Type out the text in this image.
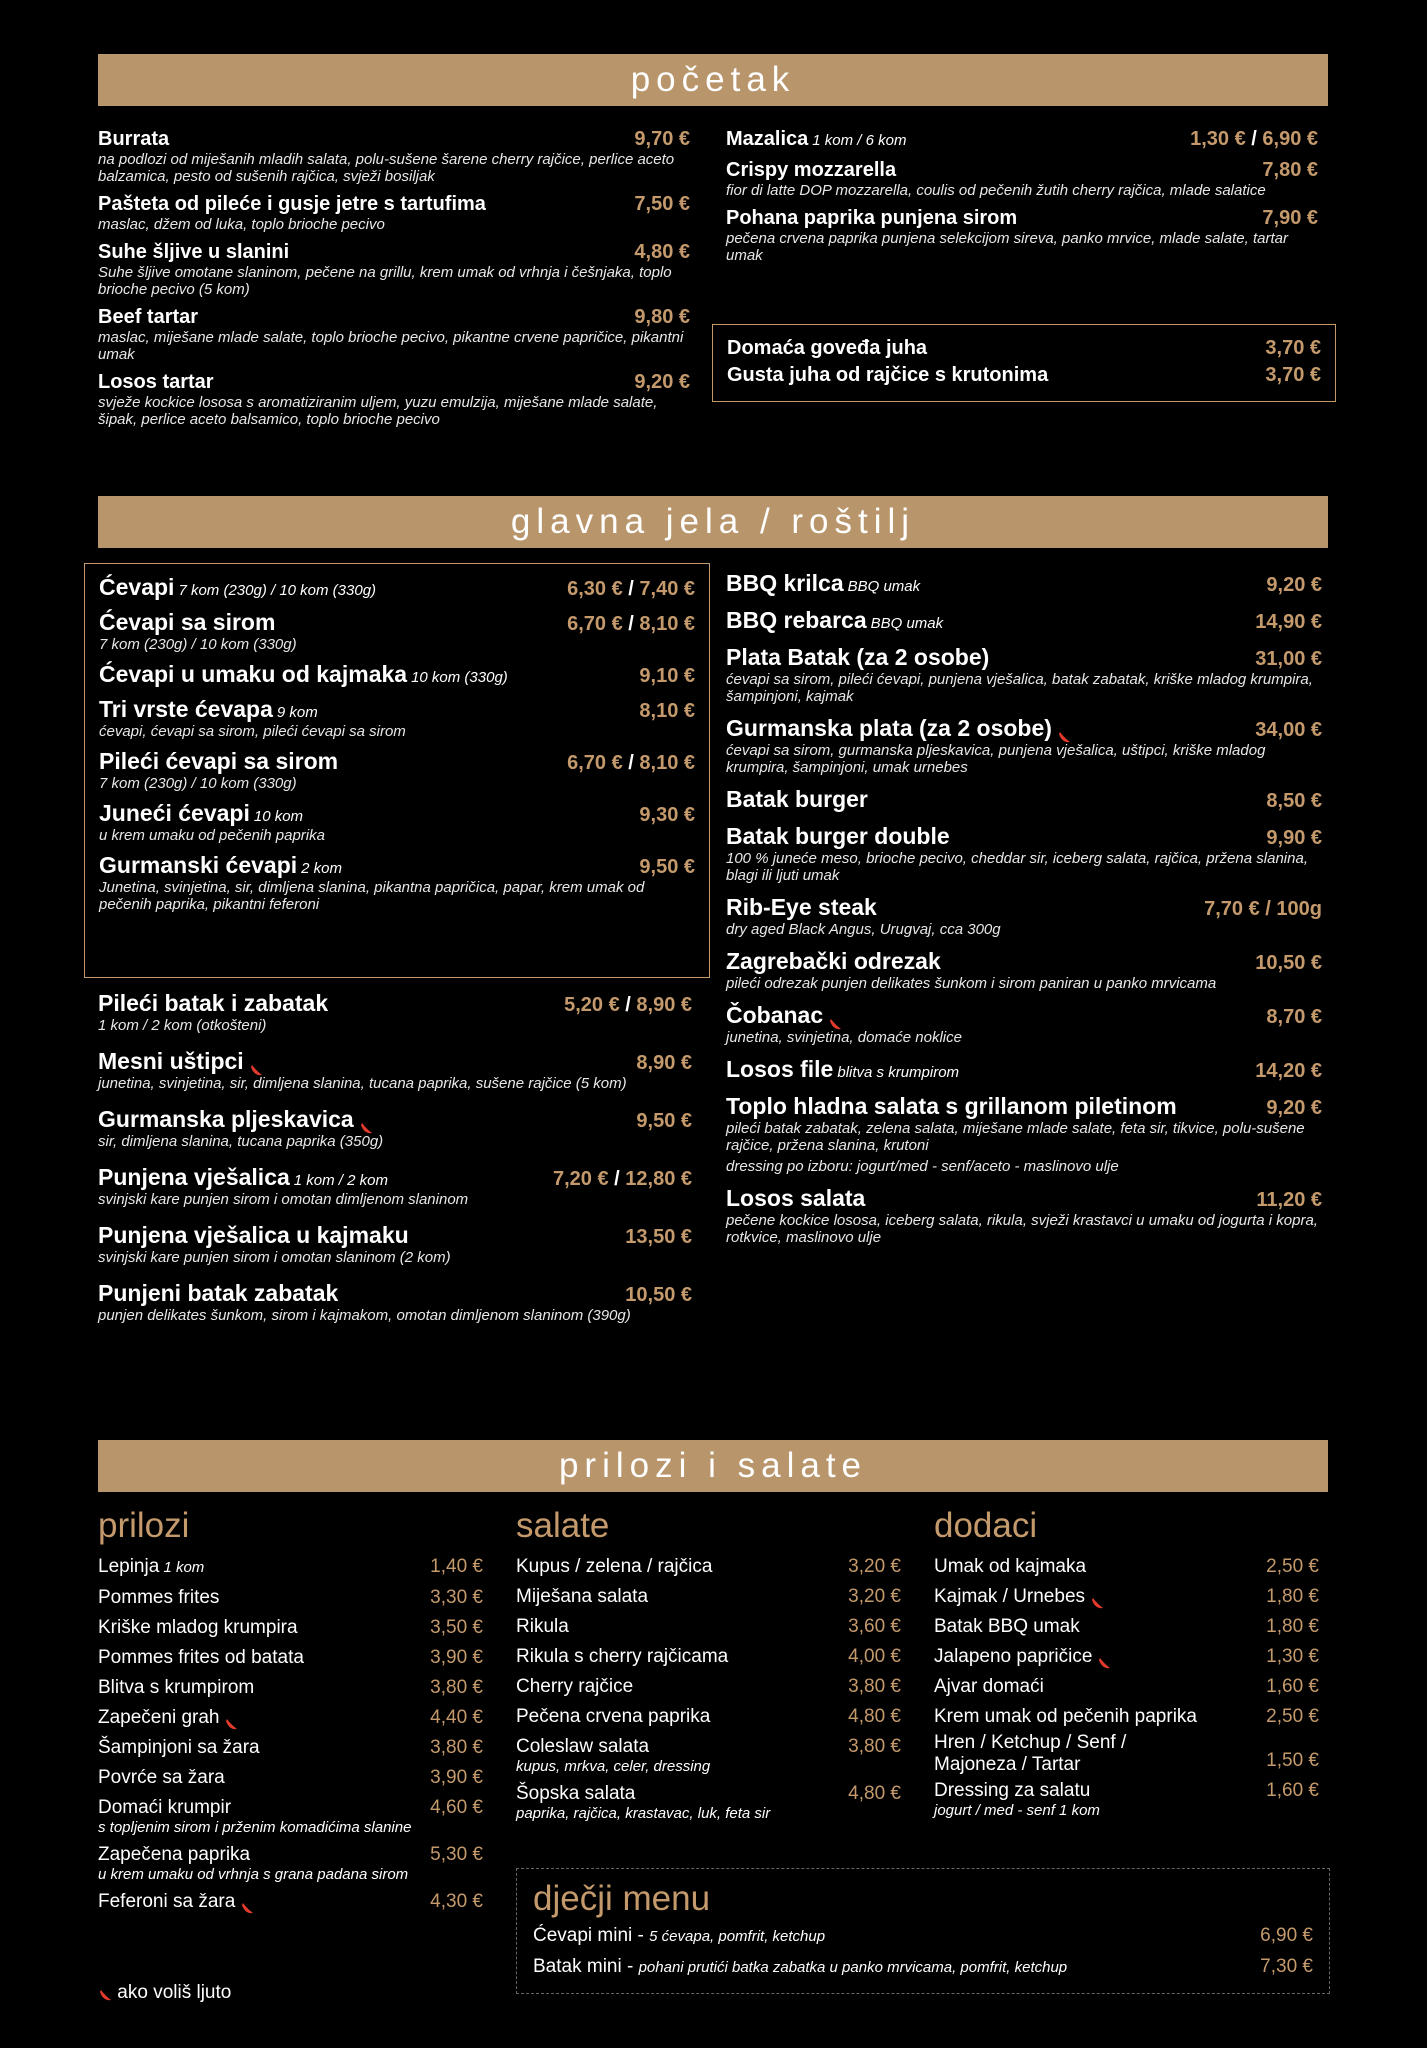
početak
glavna jela / roštilj
prilozi i salate
Burrata	9,70 €
na podlozi od miješanih mladih salata, polu-sušene šarene cherry rajčice, perlice aceto balzamica, pesto od sušenih rajčica, svježi bosiljak
Pašteta od pileće i gusje jetre s tartufima	7,50 €
maslac, džem od luka, toplo brioche pecivo
Suhe šljive u slanini	4,80 €
Suhe šljive omotane slaninom, pečene na grillu, krem umak od vrhnja i češnjaka, toplo brioche pecivo (5 kom)
Beef tartar	9,80 €
maslac, miješane mlade salate, toplo brioche pecivo, pikantne crvene papričice, pikantni umak
Losos tartar	9,20 €
svježe kockice lososa s aromatiziranim uljem, yuzu emulzija, miješane mlade salate, šipak, perlice aceto balsamico, toplo brioche pecivo
Mazalica 1 kom / 6 kom	1,30 € / 6,90 €
Crispy mozzarella	7,80 €
fior di latte DOP mozzarella, coulis od pečenih žutih cherry rajčica, mlade salatice
Pohana paprika punjena sirom	7,90 €
pečena crvena paprika punjena selekcijom sireva, panko mrvice, mlade salate, tartar umak
Domaća goveđa juha	3,70 €
Gusta juha od rajčice s krutonima	3,70 €
Ćevapi 7 kom (230g) / 10 kom (330g)	6,30 € / 7,40 €
Ćevapi sa sirom	6,70 € / 8,10 €
7 kom (230g) / 10 kom (330g)
Ćevapi u umaku od kajmaka 10 kom (330g)	9,10 €
Tri vrste ćevapa 9 kom	8,10 €
ćevapi, ćevapi sa sirom, pileći ćevapi sa sirom
Pileći ćevapi sa sirom	6,70 € / 8,10 €
7 kom (230g) / 10 kom (330g)
Juneći ćevapi 10 kom	9,30 €
u krem umaku od pečenih paprika
Gurmanski ćevapi 2 kom	9,50 €
Junetina, svinjetina, sir, dimljena slanina, pikantna papričica, papar, krem umak od pečenih paprika, pikantni feferoni
Pileći batak i zabatak	5,20 € / 8,90 €
1 kom / 2 kom (otkošteni)
Mesni uštipci	8,90 €
junetina, svinjetina, sir, dimljena slanina, tucana paprika, sušene rajčice (5 kom)
Gurmanska pljeskavica	9,50 €
sir, dimljena slanina, tucana paprika (350g)
Punjena vješalica 1 kom / 2 kom	7,20 € / 12,80 €
svinjski kare punjen sirom i omotan dimljenom slaninom
Punjena vješalica u kajmaku	13,50 €
svinjski kare punjen sirom i omotan slaninom (2 kom)
Punjeni batak zabatak	10,50 €
punjen delikates šunkom, sirom i kajmakom, omotan dimljenom slaninom (390g)
BBQ krilca BBQ umak	9,20 €
BBQ rebarca BBQ umak	14,90 €
Plata Batak (za 2 osobe)	31,00 €
ćevapi sa sirom, pileći ćevapi, punjena vješalica, batak zabatak, kriške mladog krumpira, šampinjoni, kajmak
Gurmanska plata (za 2 osobe)	34,00 €
ćevapi sa sirom, gurmanska pljeskavica, punjena vješalica, uštipci, kriške mladog krumpira, šampinjoni, umak urnebes
Batak burger	8,50 €
Batak burger double	9,90 €
100 % juneće meso, brioche pecivo, cheddar sir, iceberg salata, rajčica, pržena slanina, blagi ili ljuti umak
Rib-Eye steak	7,70 € / 100g
dry aged Black Angus, Urugvaj, cca 300g
Zagrebački odrezak	10,50 €
pileći odrezak punjen delikates šunkom i sirom paniran u panko mrvicama
Čobanac	8,70 €
junetina, svinjetina, domaće noklice
Losos file blitva s krumpirom	14,20 €
Toplo hladna salata s grillanom piletinom	9,20 €
pileći batak zabatak, zelena salata, miješane mlade salate, feta sir, tikvice, polu-sušene rajčice, pržena slanina, krutoni
dressing po izboru: jogurt/med - senf/aceto - maslinovo ulje
Losos salata	11,20 €
pečene kockice lososa, iceberg salata, rikula, svježi krastavci u umaku od jogurta i kopra, rotkvice, maslinovo ulje
prilozi
Lepinja 1 kom	1,40 €
Pommes frites	3,30 €
Kriške mladog krumpira	3,50 €
Pommes frites od batata	3,90 €
Blitva s krumpirom	3,80 €
Zapečeni grah	4,40 €
Šampinjoni sa žara	3,80 €
Povrće sa žara	3,90 €
Domaći krumpir	4,60 €
s topljenim sirom i prženim komadićima slanine
Zapečena paprika	5,30 €
u krem umaku od vrhnja s grana padana sirom
Feferoni sa žara	4,30 €
salate
Kupus / zelena / rajčica	3,20 €
Miješana salata	3,20 €
Rikula	3,60 €
Rikula s cherry rajčicama	4,00 €
Cherry rajčice	3,80 €
Pečena crvena paprika	4,80 €
Coleslaw salata	3,80 €
kupus, mrkva, celer, dressing
Šopska salata	4,80 €
paprika, rajčica, krastavac, luk, feta sir
dodaci
Umak od kajmaka	2,50 €
Kajmak / Urnebes	1,80 €
Batak BBQ umak	1,80 €
Jalapeno papričice	1,30 €
Ajvar domaći	1,60 €
Krem umak od pečenih paprika	2,50 €
Hren / Ketchup / Senf /
Majoneza / Tartar	1,50 €
Dressing za salatu	1,60 €
jogurt / med - senf 1 kom
dječji menu
Ćevapi mini - 5 ćevapa, pomfrit, ketchup	6,90 €
Batak mini - pohani prutići batka zabatka u panko mrvicama, pomfrit, ketchup	7,30 €
ako voliš ljuto
